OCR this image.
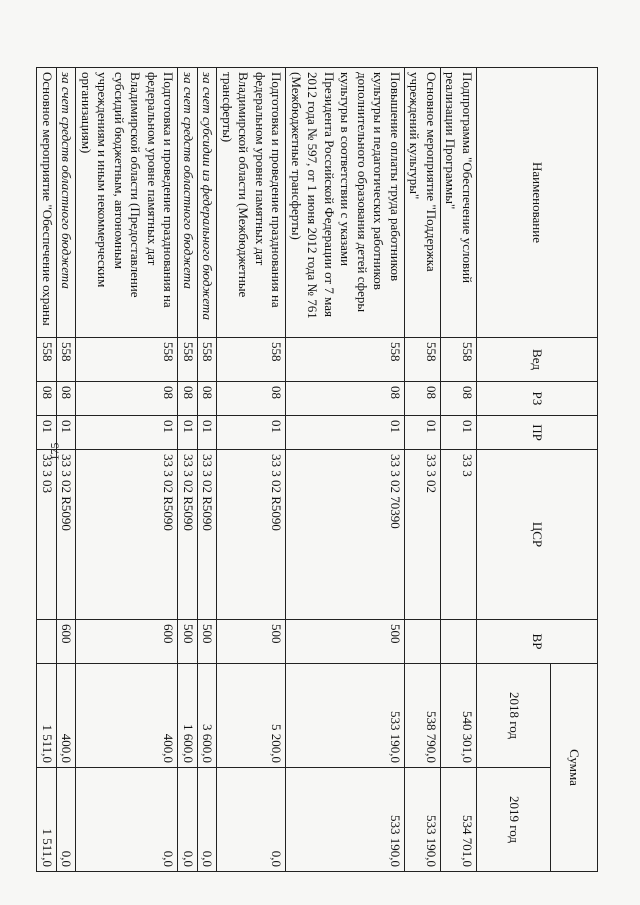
175
Наименование	Вед	РЗ	ПР	ЦСР	ВР	Сумма	
						2018 год	2019 год
Подпрограмма "Обеспечение условий реализации Программы"	558	08	01	33 3		540 301,0	534 701,0
Основное мероприятие "Поддержка учреждений культуры"	558	08	01	33 3 02		538 790,0	533 190,0
Повышение оплаты труда работников культуры и педагогических работников дополнительного образования детей сферы культуры в соответствии с указами Президента Российской Федерации от 7 мая 2012 года № 597, от 1 июня 2012 года № 761 (Межбюджетные трансферты)	558	08	01	33 3 02 70390	500	533 190,0	533 190,0
Подготовка и проведение празднования на федеральном уровне памятных дат Владимирской области (Межбюджетные трансферты)	558	08	01	33 3 02 R5090	500	5 200,0	0,0
за счет субсидии из федерального бюджета	558	08	01	33 3 02 R5090	500	3 600,0	0,0
за счет средств областного бюджета	558	08	01	33 3 02 R5090	500	1 600,0	0,0
Подготовка и проведение празднования на федеральном уровне памятных дат Владимирской области (Предоставление субсидий бюджетным, автономным учреждениям и иным некоммерческим организациям)	558	08	01	33 3 02 R5090	600	400,0	0,0
за счет средств областного бюджета	558	08	01	33 3 02 R5090	600	400,0	0,0
Основное мероприятие "Обеспечение охраны	558	08	01	33 3 03		1 511,0	1 511,0
